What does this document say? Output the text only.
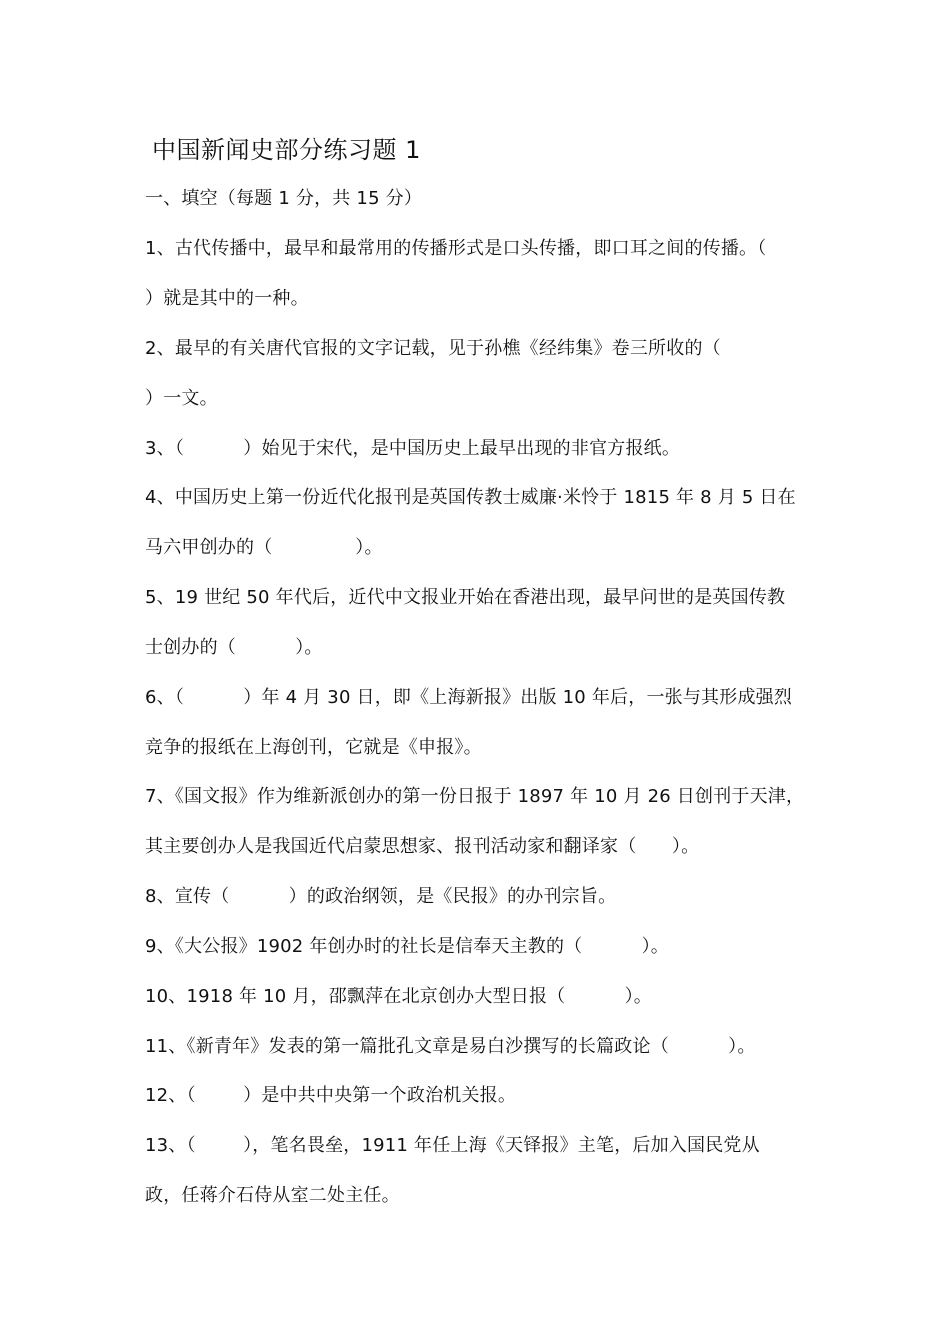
中国新闻史部分练习题 1
一、填空（每题 1 分，共 15 分）
1、古代传播中，最早和最常用的传播形式是口头传播，即口耳之间的传播。（
）就是其中的一种。
2、最早的有关唐代官报的文字记载，见于孙樵《经纬集》卷三所收的（
）一文。
3、（          ）始见于宋代，是中国历史上最早出现的非官方报纸。
4、中国历史上第一份近代化报刊是英国传教士威廉·米怜于 1815 年 8 月 5 日在
马六甲创办的（              ）。
5、19 世纪 50 年代后，近代中文报业开始在香港出现，最早问世的是英国传教
士创办的（          ）。
6、（          ）年 4 月 30 日，即《上海新报》出版 10 年后，一张与其形成强烈
竞争的报纸在上海创刊，它就是《申报》。
7、《国文报》作为维新派创办的第一份日报于 1897 年 10 月 26 日创刊于天津，
其主要创办人是我国近代启蒙思想家、报刊活动家和翻译家（      ）。
8、宣传（          ）的政治纲领，是《民报》的办刊宗旨。
9、《大公报》1902 年创办时的社长是信奉天主教的（          ）。
10、1918 年 10 月，邵飘萍在北京创办大型日报（          ）。
11、《新青年》发表的第一篇批孔文章是易白沙撰写的长篇政论（          ）。
12、（        ）是中共中央第一个政治机关报。
13、（        ），笔名畏垒，1911 年任上海《天铎报》主笔，后加入国民党从
政，任蒋介石侍从室二处主任。
